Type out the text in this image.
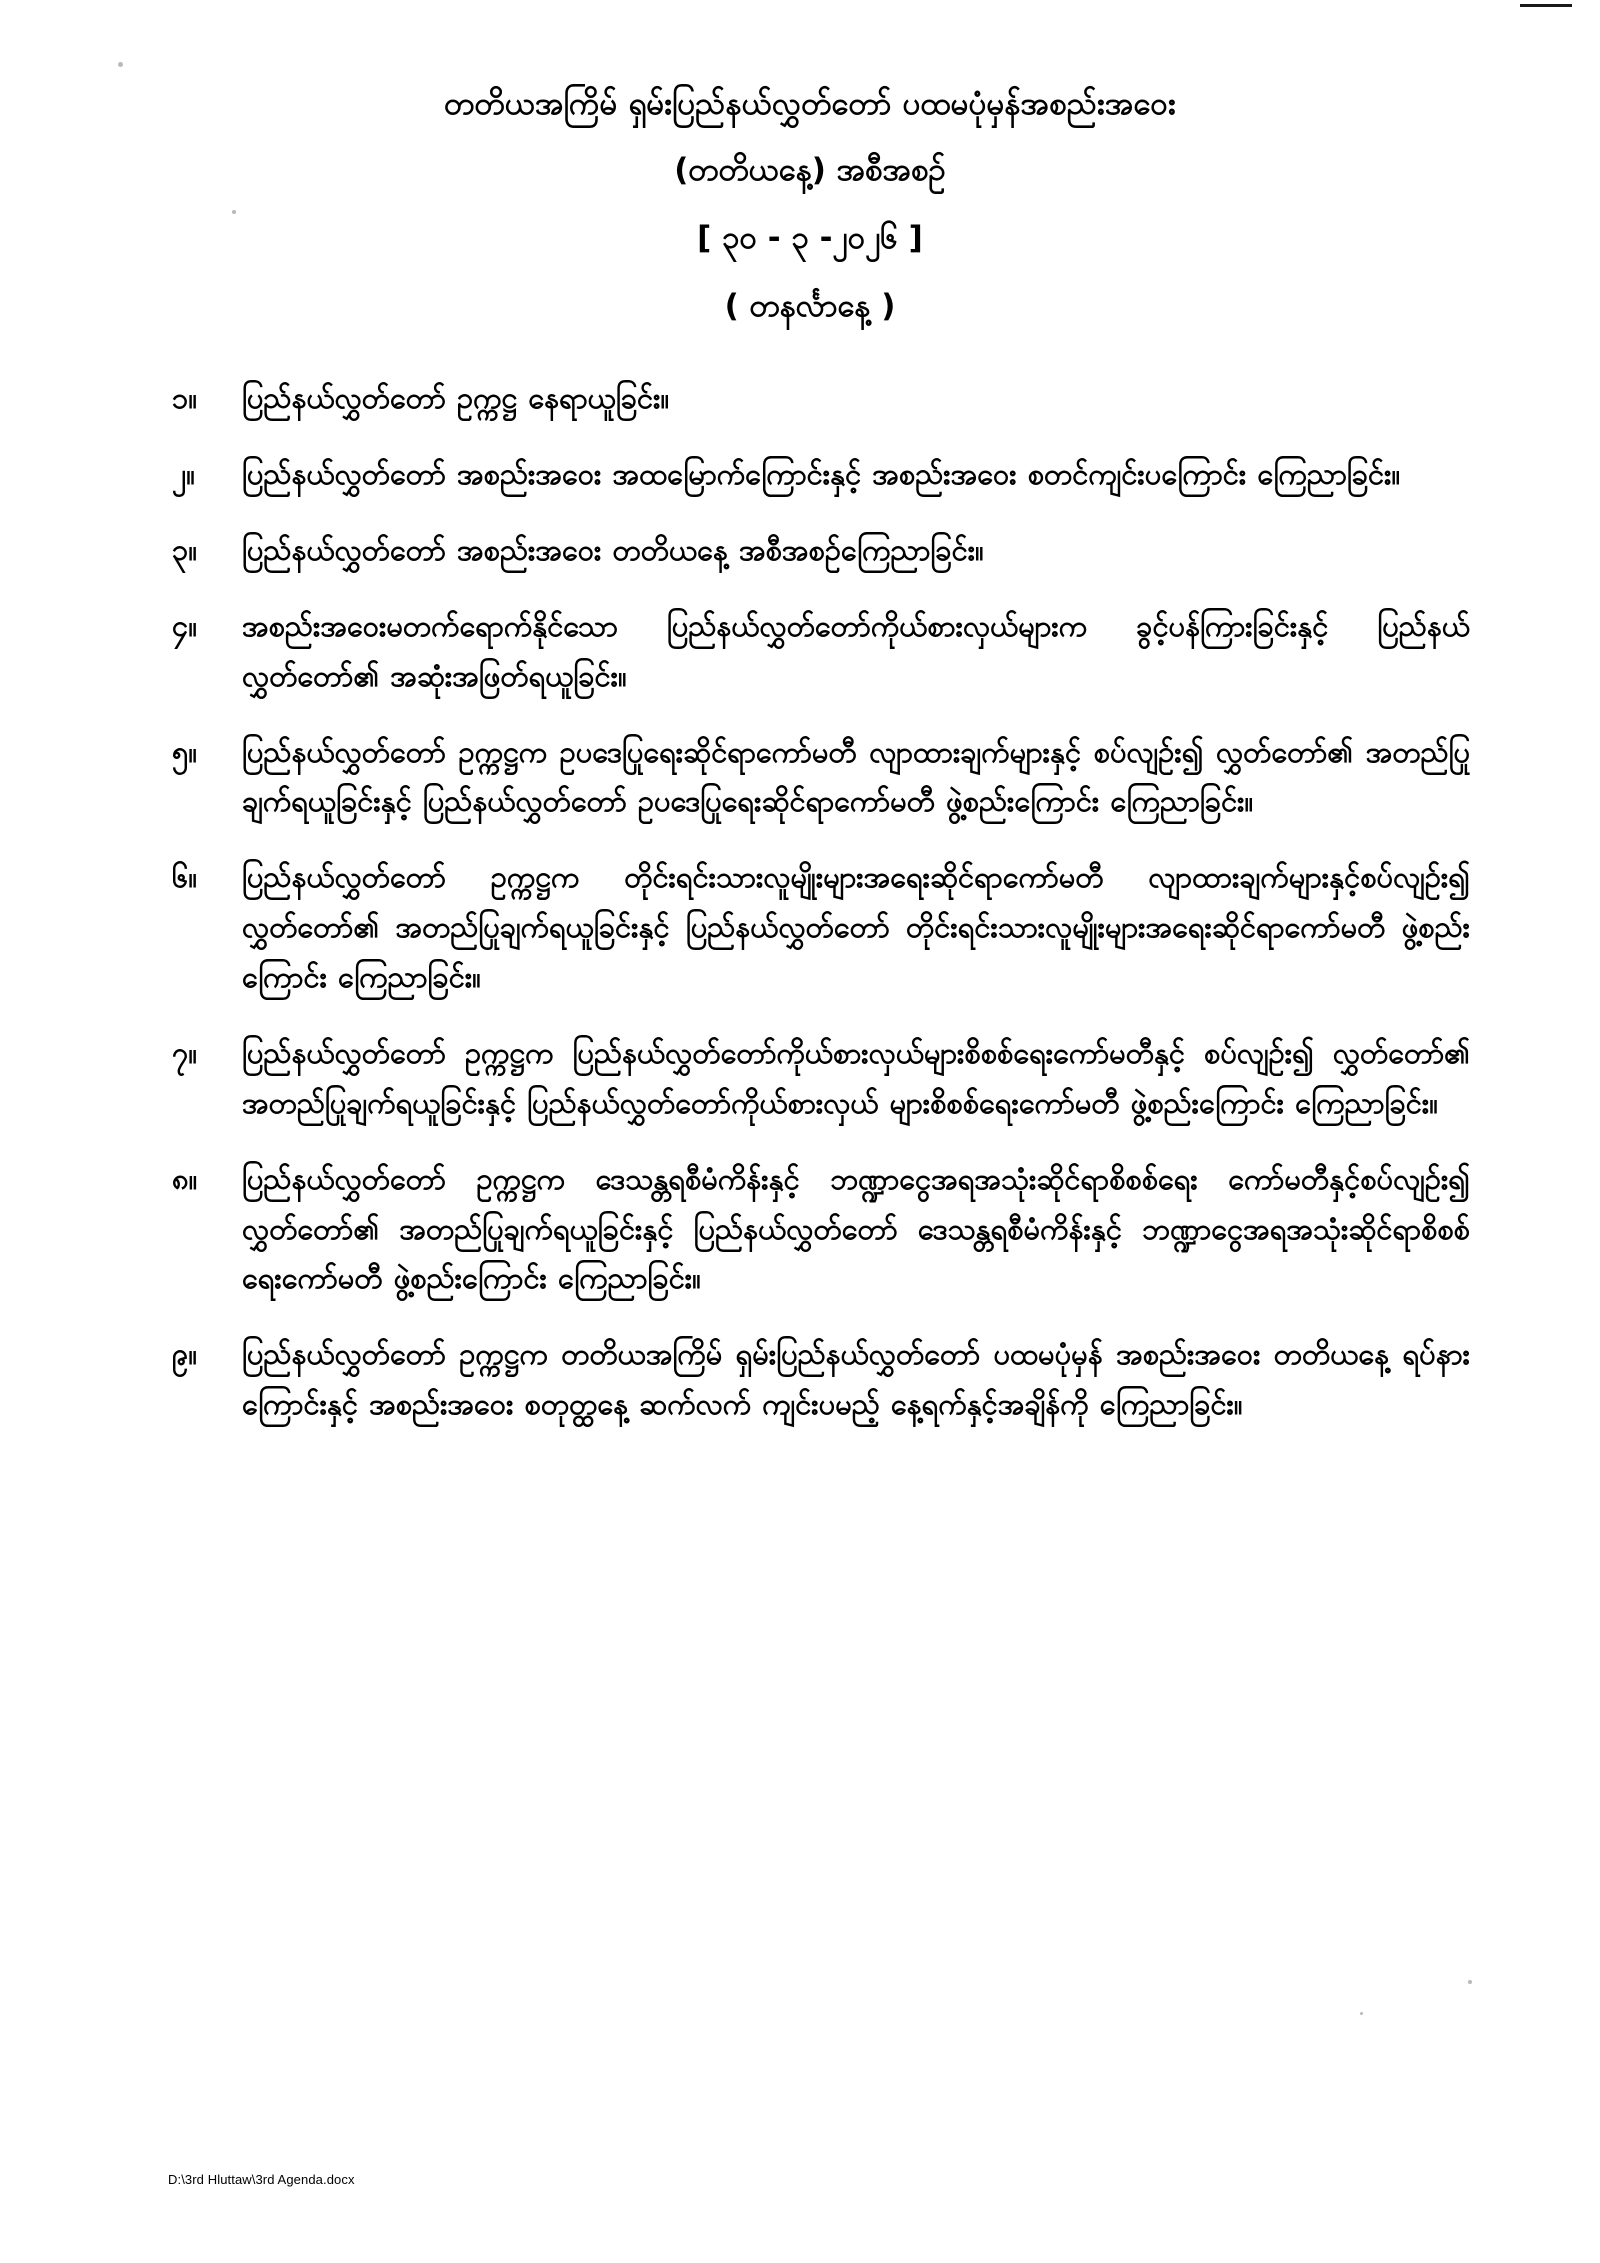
တတိယအကြိမ် ရှမ်းပြည်နယ်လွှတ်တော် ပထမပုံမှန်အစည်းအဝေး
(တတိယနေ့) အစီအစဉ်
[ ၃၀ - ၃ -၂၀၂၆ ]
( တနင်္လာနေ့ )
၁။	ပြည်နယ်လွှတ်တော် ဥက္ကဋ္ဌ နေရာယူခြင်း။
၂။	ပြည်နယ်လွှတ်တော် အစည်းအဝေး အထမြောက်ကြောင်းနှင့် အစည်းအဝေး စတင်ကျင်းပကြောင်း ကြေညာခြင်း။
၃။	ပြည်နယ်လွှတ်တော် အစည်းအဝေး တတိယနေ့ အစီအစဉ်ကြေညာခြင်း။
၄။	အစည်းအဝေးမတက်ရောက်နိုင်သော ပြည်နယ်လွှတ်တော်ကိုယ်စားလှယ်များက ခွင့်ပန်ကြားခြင်းနှင့် ပြည်နယ်လွှတ်တော်၏ အဆုံးအဖြတ်ရယူခြင်း။
၅။	ပြည်နယ်လွှတ်တော် ဥက္ကဋ္ဌက ဥပဒေပြုရေးဆိုင်ရာကော်မတီ လျာထားချက်များနှင့် စပ်လျဉ်း၍ လွှတ်တော်၏ အတည်ပြုချက်ရယူခြင်းနှင့် ပြည်နယ်လွှတ်တော် ဥပဒေပြုရေးဆိုင်ရာကော်မတီ ဖွဲ့စည်းကြောင်း ကြေညာခြင်း။
၆။	ပြည်နယ်လွှတ်တော် ဥက္ကဋ္ဌက တိုင်းရင်းသားလူမျိုးများအရေးဆိုင်ရာကော်မတီ လျာထားချက်များနှင့်စပ်လျဉ်း၍ လွှတ်တော်၏ အတည်ပြုချက်ရယူခြင်းနှင့် ပြည်နယ်လွှတ်တော် တိုင်းရင်းသားလူမျိုးများအရေးဆိုင်ရာကော်မတီ ဖွဲ့စည်းကြောင်း ကြေညာခြင်း။
၇။	ပြည်နယ်လွှတ်တော် ဥက္ကဋ္ဌက ပြည်နယ်လွှတ်တော်ကိုယ်စားလှယ်များစိစစ်ရေးကော်မတီနှင့် စပ်လျဉ်း၍ လွှတ်တော်၏ အတည်ပြုချက်ရယူခြင်းနှင့် ပြည်နယ်လွှတ်တော်ကိုယ်စားလှယ် များစိစစ်ရေးကော်မတီ ဖွဲ့စည်းကြောင်း ကြေညာခြင်း။
၈။	ပြည်နယ်လွှတ်တော် ဥက္ကဋ္ဌက ဒေသန္တရစီမံကိန်းနှင့် ဘဏ္ဍာငွေအရအသုံးဆိုင်ရာစိစစ်ရေး ကော်မတီနှင့်စပ်လျဉ်း၍ လွှတ်တော်၏ အတည်ပြုချက်ရယူခြင်းနှင့် ပြည်နယ်လွှတ်တော် ဒေသန္တရစီမံကိန်းနှင့် ဘဏ္ဍာငွေအရအသုံးဆိုင်ရာစိစစ်ရေးကော်မတီ ဖွဲ့စည်းကြောင်း ကြေညာခြင်း။
၉။	ပြည်နယ်လွှတ်တော် ဥက္ကဋ္ဌက တတိယအကြိမ် ရှမ်းပြည်နယ်လွှတ်တော် ပထမပုံမှန် အစည်းအဝေး တတိယနေ့ ရပ်နားကြောင်းနှင့် အစည်းအဝေး စတုတ္ထနေ့ ဆက်လက် ကျင်းပမည့် နေ့ရက်နှင့်အချိန်ကို ကြေညာခြင်း။
D:\3rd Hluttaw\3rd Agenda.docx
